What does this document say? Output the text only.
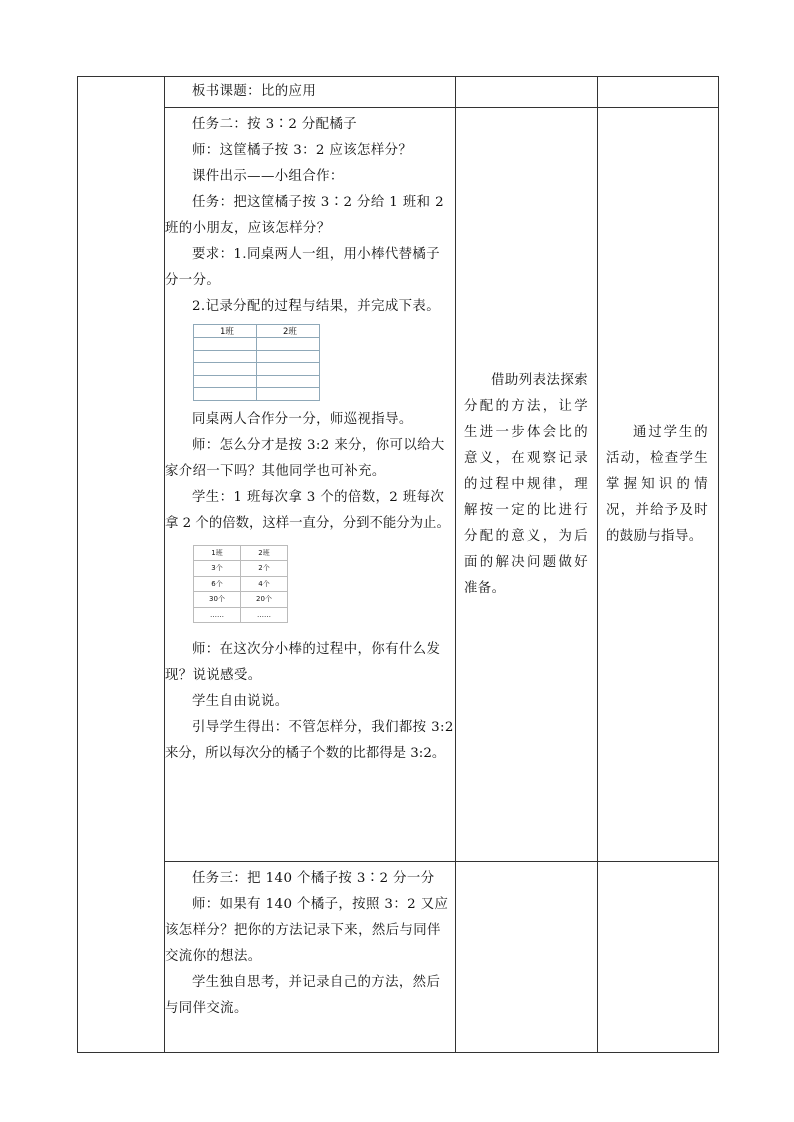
板书课题：比的应用

任务二：按 3∶2 分配橘子

师：这筐橘子按 3：2 应该怎样分？

课件出示——小组合作：

任务：把这筐橘子按 3∶2 分给 1 班和 2

班的小朋友，应该怎样分？

要求：1.同桌两人一组，用小棒代替橘子

分一分。

2.记录分配的过程与结果，并完成下表。

1班	2班

同桌两人合作分一分，师巡视指导。

师：怎么分才是按 3:2 来分，你可以给大

家介绍一下吗？其他同学也可补充。

学生：1 班每次拿 3 个的倍数，2 班每次

拿 2 个的倍数，这样一直分，分到不能分为止。

1班	2班
3个	2个
6个	4个
30个	20个
……	……

师：在这次分小棒的过程中，你有什么发

现？说说感受。

学生自由说说。

引导学生得出：不管怎样分，我们都按 3:2

来分，所以每次分的橘子个数的比都得是 3:2。

借助列表法探索分配的方法，让学生进一步体会比的意义，在观察记录的过程中规律，理解按一定的比进行分配的意义，为后面的解决问题做好准备。

通过学生的活动，检查学生掌握知识的情况，并给予及时的鼓励与指导。

任务三：把 140 个橘子按 3∶2 分一分

师：如果有 140 个橘子，按照 3：2 又应

该怎样分？把你的方法记录下来，然后与同伴

交流你的想法。

学生独自思考，并记录自己的方法，然后

与同伴交流。
